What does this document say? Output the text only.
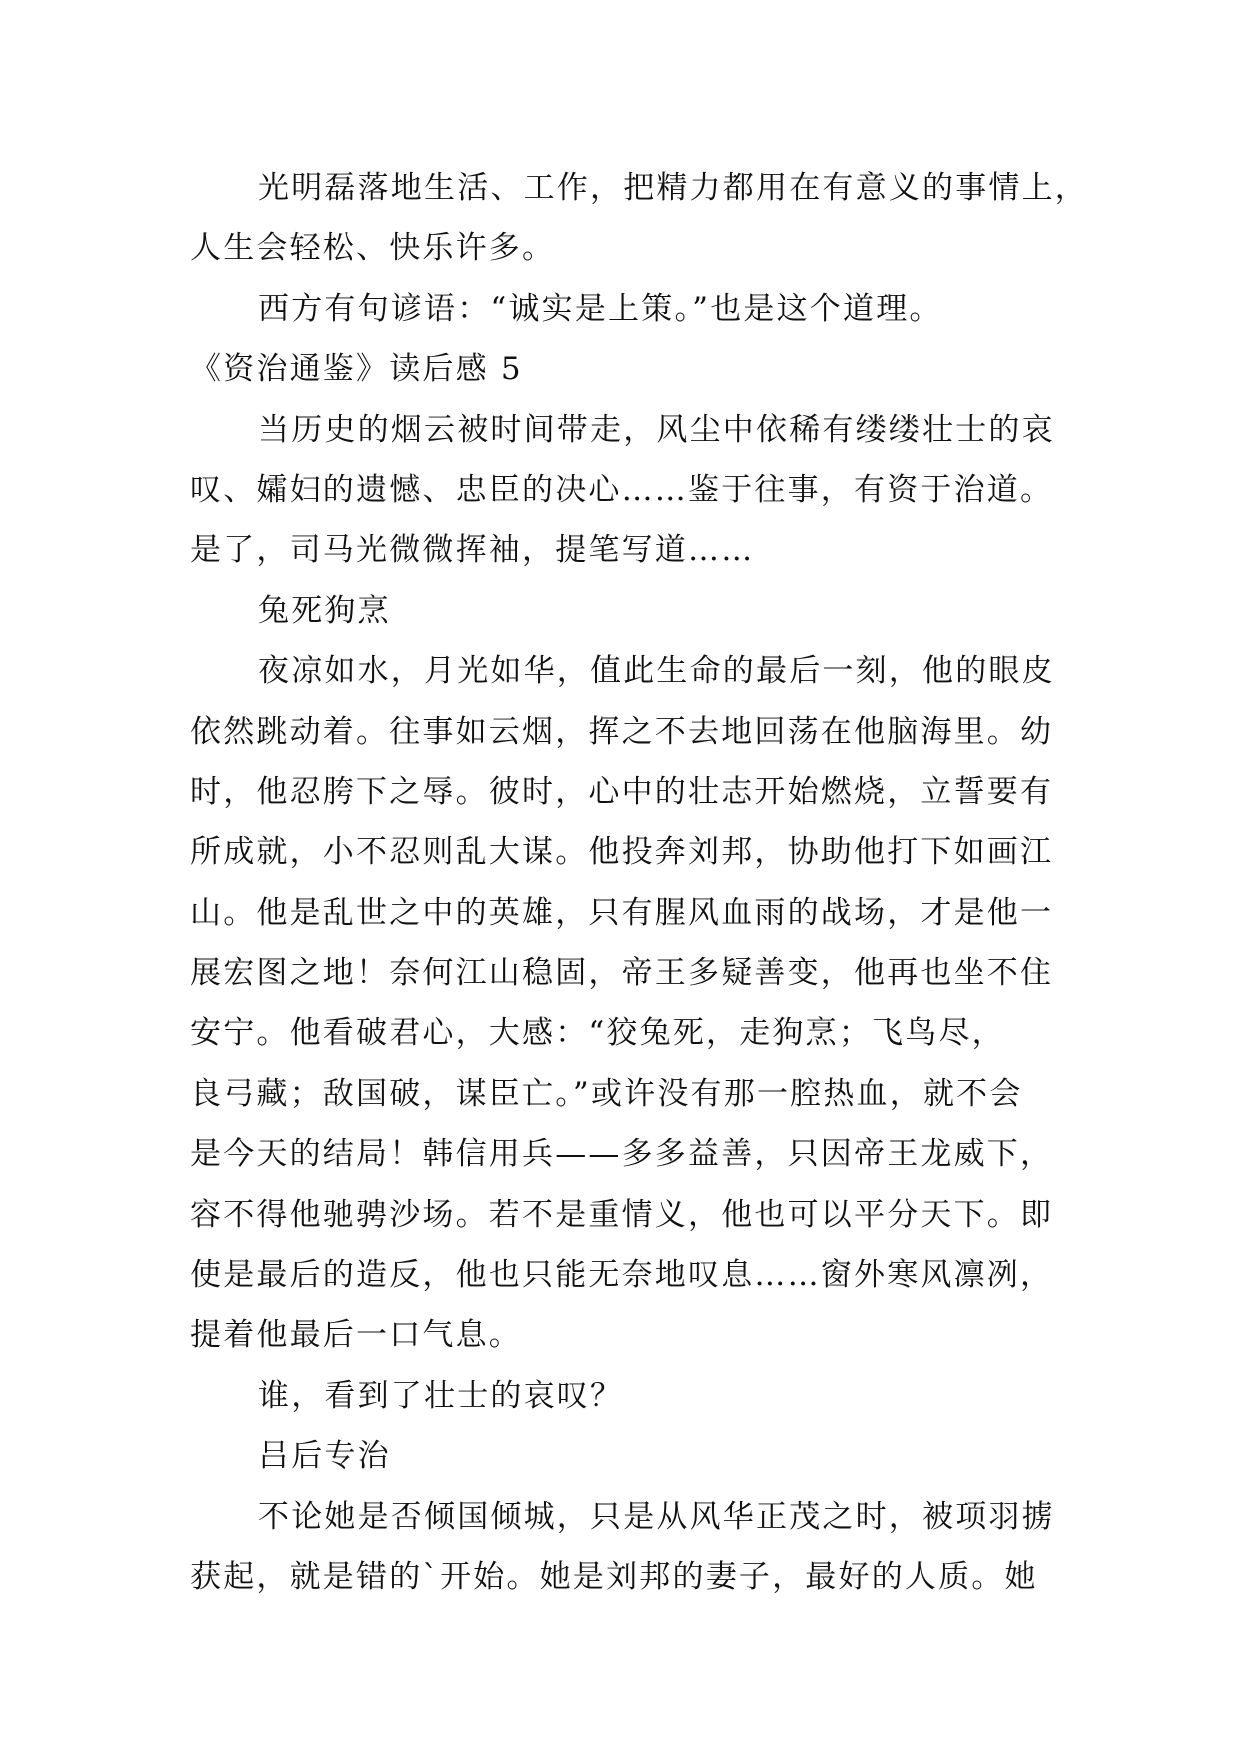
光明磊落地生活、工作，把精力都用在有意义的事情上，
人生会轻松、快乐许多。
西方有句谚语：“诚实是上策。”也是这个道理。
《资治通鉴》读后感 5
当历史的烟云被时间带走，风尘中依稀有缕缕壮士的哀
叹、孀妇的遗憾、忠臣的决心……鉴于往事，有资于治道。
是了，司马光微微挥袖，提笔写道……
兔死狗烹
夜凉如水，月光如华，值此生命的最后一刻，他的眼皮
依然跳动着。往事如云烟，挥之不去地回荡在他脑海里。幼
时，他忍胯下之辱。彼时，心中的壮志开始燃烧，立誓要有
所成就，小不忍则乱大谋。他投奔刘邦，协助他打下如画江
山。他是乱世之中的英雄，只有腥风血雨的战场，才是他一
展宏图之地！奈何江山稳固，帝王多疑善变，他再也坐不住
安宁。他看破君心，大感：“狡兔死，走狗烹；飞鸟尽，
良弓藏；敌国破，谋臣亡。”或许没有那一腔热血，就不会
是今天的结局！韩信用兵——多多益善，只因帝王龙威下，
容不得他驰骋沙场。若不是重情义，他也可以平分天下。即
使是最后的造反，他也只能无奈地叹息……窗外寒风凛冽，
提着他最后一口气息。
谁，看到了壮士的哀叹？
吕后专治
不论她是否倾国倾城，只是从风华正茂之时，被项羽掳
获起，就是错的`开始。她是刘邦的妻子，最好的人质。她
